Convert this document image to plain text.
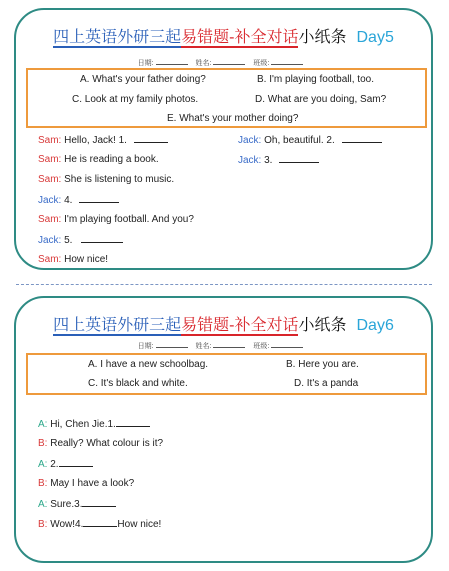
四上英语外研三起易错题-补全对话小纸条 Day5
日期:	姓名:	班级:
A. What's your father doing?	B. I'm playing football, too.
C. Look at my family photos.	D. What are you doing, Sam?
E. What's your mother doing?
Sam: Hello, Jack! 1.	Jack: Oh, beautiful. 2.
Sam: He is reading a book.	Jack: 3.
Sam: She is listening to music.
Jack: 4.
Sam: I'm playing football. And you?
Jack: 5.
Sam: How nice!
四上英语外研三起易错题-补全对话小纸条 Day6
日期:	姓名:	班级:
A. I have a new schoolbag.	B. Here you are.
C. It's black and white.	D. It's a panda
A: Hi, Chen Jie.1.
B: Really? What colour is it?
A: 2.
B: May I have a look?
A: Sure.3.
B: Wow!4.	How nice!
